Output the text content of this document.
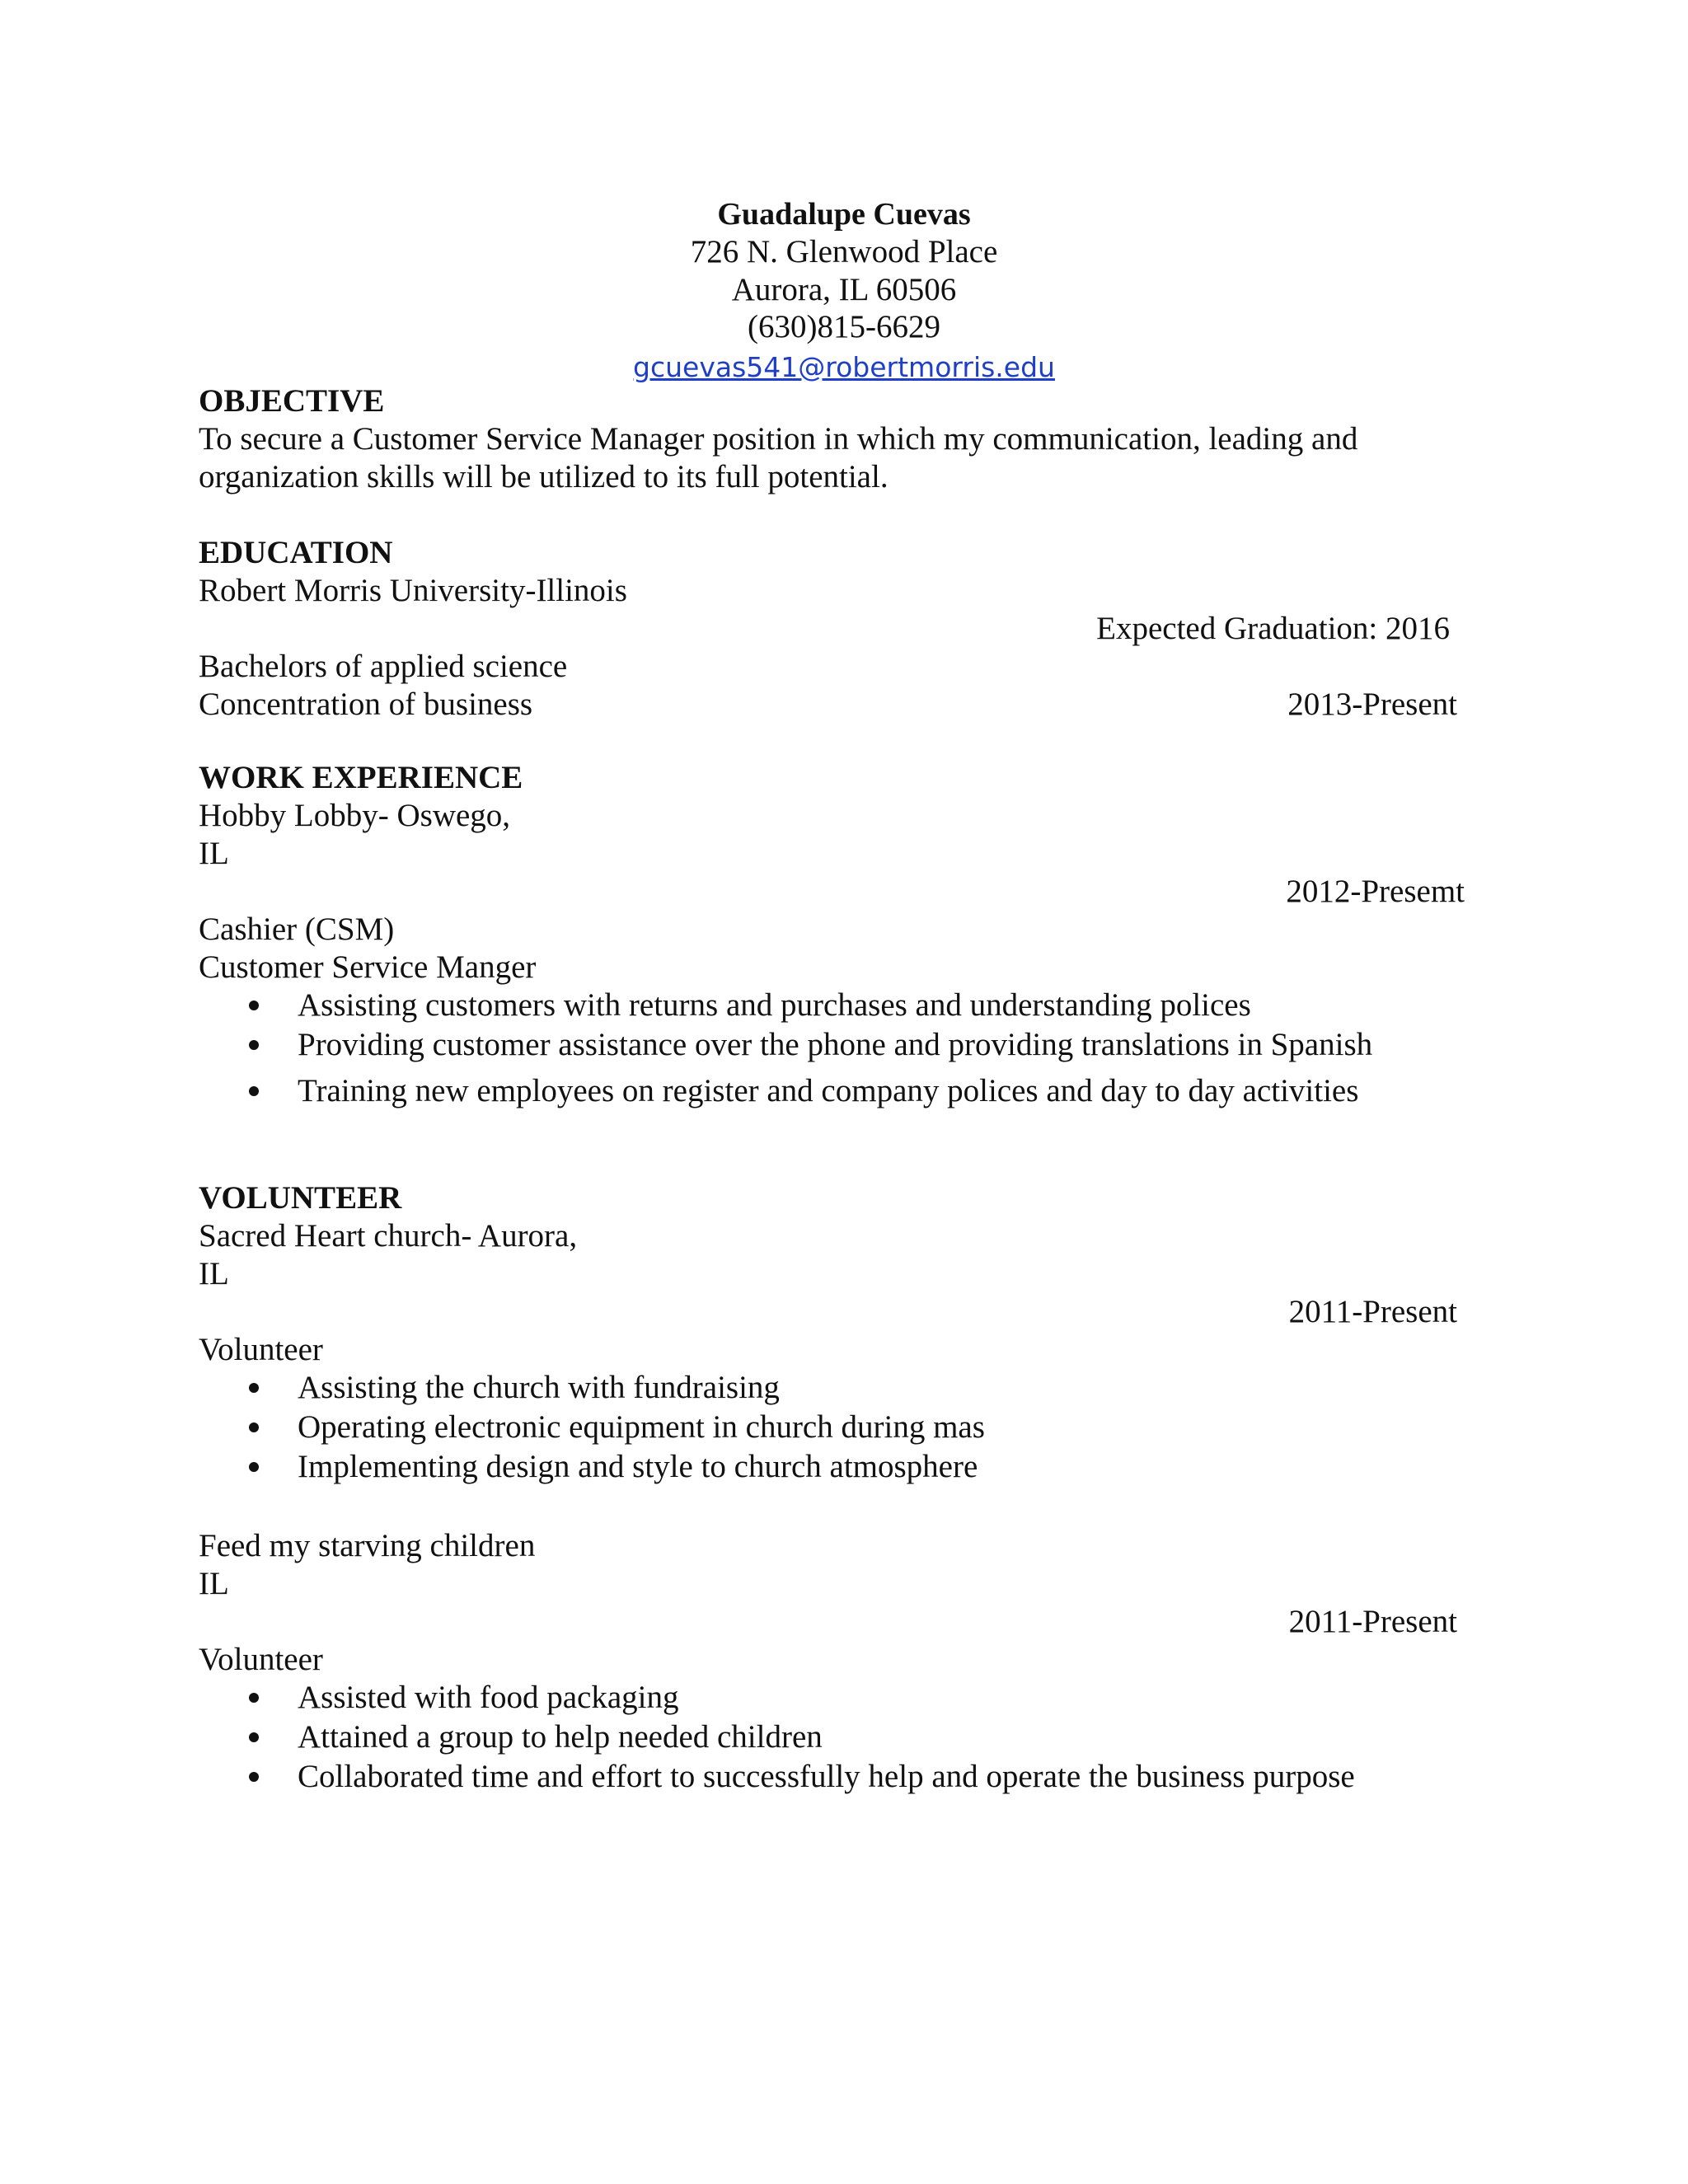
Guadalupe Cuevas
726 N. Glenwood Place
Aurora, IL 60506
(630)815-6629
gcuevas541@robertmorris.edu
OBJECTIVE
To secure a Customer Service Manager position in which my communication, leading and
organization skills will be utilized to its full potential.
EDUCATION
Robert Morris University-Illinois
Expected Graduation: 2016
Bachelors of applied science
Concentration of business	2013-Present
WORK EXPERIENCE
Hobby Lobby- Oswego,
IL
2012-Presemt
Cashier (CSM)
Customer Service Manger
Assisting customers with returns and purchases and understanding polices
Providing customer assistance over the phone and providing translations in Spanish
Training new employees on register and company polices and day to day activities
VOLUNTEER
Sacred Heart church- Aurora,
IL
2011-Present
Volunteer
Assisting the church with fundraising
Operating electronic equipment in church during mas
Implementing design and style to church atmosphere
Feed my starving children
IL
2011-Present
Volunteer
Assisted with food packaging
Attained a group to help needed children
Collaborated time and effort to successfully help and operate the business purpose
